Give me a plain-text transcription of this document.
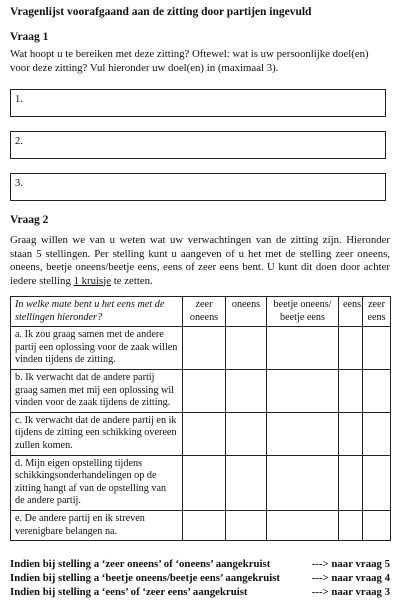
Vragenlijst voorafgaand aan de zitting door partijen ingevuld
Vraag 1
Wat hoopt u te bereiken met deze zitting? Oftewel: wat is uw persoonlijke doel(en) voor deze zitting? Vul hieronder uw doel(en) in (maximaal 3).
1.
2.
3.
Vraag 2
Graag willen we van u weten wat uw verwachtingen van de zitting zijn. Hieronder staan 5 stellingen. Per stelling kunt u aangeven of u het met de stelling zeer oneens, oneens, beetje oneens/beetje eens, eens of zeer eens bent. U kunt dit doen door achter iedere stelling 1 kruisje te zetten.
In welke mate bent u het eens met de stellingen hieronder?	zeer oneens	oneens	beetje oneens/ beetje eens	eens	zeer eens
a. Ik zou graag samen met de andere partij een oplossing voor de zaak willen vinden tijdens de zitting.					
b. Ik verwacht dat de andere partij graag samen met mij een oplossing wil vinden voor de zaak tijdens de zitting.					
c. Ik verwacht dat de andere partij en ik tijdens de zitting een schikking overeen zullen komen.					
d. Mijn eigen opstelling tijdens schikkingsonderhandelingen op de zitting hangt af van de opstelling van de andere partij.					
e. De andere partij en ik streven verenigbare belangen na.					
Indien bij stelling a ‘zeer oneens’ of ‘oneens’ aangekruist	---> naar vraag 5
Indien bij stelling a ‘beetje oneens/beetje eens’ aangekruist	---> naar vraag 4
Indien bij stelling a ‘eens’ of ‘zeer eens’ aangekruist	---> naar vraag 3
